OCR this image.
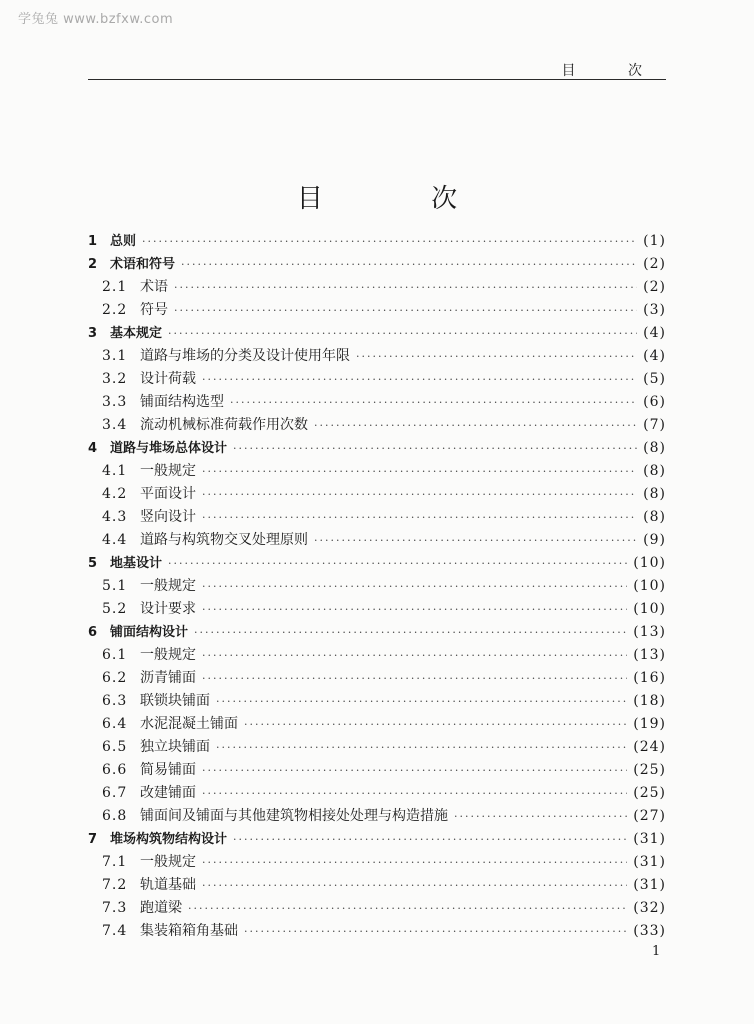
学兔兔 www.bzfxw.com
目 次
目 次
1 总则 ·····	(1)
2 术语和符号 ·····	(2)
2.1 术语 ·····	(2)
2.2 符号 ·····	(3)
3 基本规定 ·····	(4)
3.1 道路与堆场的分类及设计使用年限 ·····	(4)
3.2 设计荷载 ·····	(5)
3.3 铺面结构选型 ·····	(6)
3.4 流动机械标准荷载作用次数 ·····	(7)
4 道路与堆场总体设计 ·····	(8)
4.1 一般规定 ·····	(8)
4.2 平面设计 ·····	(8)
4.3 竖向设计 ·····	(8)
4.4 道路与构筑物交叉处理原则 ·····	(9)
5 地基设计 ·····	(10)
5.1 一般规定 ·····	(10)
5.2 设计要求 ·····	(10)
6 铺面结构设计 ·····	(13)
6.1 一般规定 ·····	(13)
6.2 沥青铺面 ·····	(16)
6.3 联锁块铺面 ·····	(18)
6.4 水泥混凝土铺面 ·····	(19)
6.5 独立块铺面 ·····	(24)
6.6 简易铺面 ·····	(25)
6.7 改建铺面 ·····	(25)
6.8 铺面间及铺面与其他建筑物相接处处理与构造措施 ·····	(27)
7 堆场构筑物结构设计 ·····	(31)
7.1 一般规定 ·····	(31)
7.2 轨道基础 ·····	(31)
7.3 跑道梁 ·····	(32)
7.4 集装箱箱角基础 ·····	(33)
1
